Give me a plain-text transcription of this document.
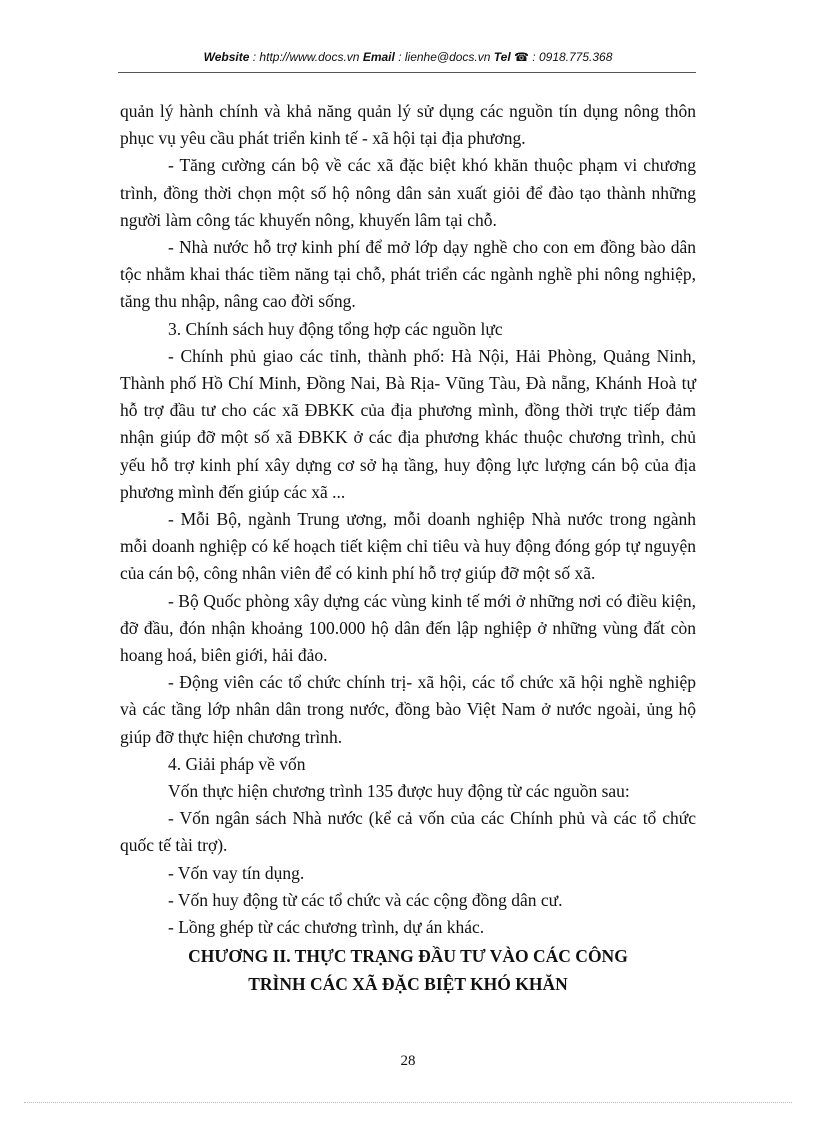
Website : http://www.docs.vn Email : lienhe@docs.vn Tel ☎ : 0918.775.368

quản lý hành chính và khả năng quản lý sử dụng các nguồn tín dụng nông thôn phục vụ yêu cầu phát triển kinh tế - xã hội tại địa phương.

- Tăng cường cán bộ về các xã đặc biệt khó khăn thuộc phạm vi chương trình, đồng thời chọn một số hộ nông dân sản xuất giỏi để đào tạo thành những người làm công tác khuyến nông, khuyến lâm tại chỗ.

- Nhà nước hỗ trợ kinh phí để mở lớp dạy nghề cho con em đồng bào dân tộc nhằm khai thác tiềm năng tại chỗ, phát triển các ngành nghề phi nông nghiệp, tăng thu nhập, nâng cao đời sống.

3. Chính sách huy động tổng hợp các nguồn lực

- Chính phủ giao các tỉnh, thành phố: Hà Nội, Hải Phòng, Quảng Ninh, Thành phố Hồ Chí Minh, Đồng Nai, Bà Rịa- Vũng Tàu, Đà nẵng, Khánh Hoà tự hỗ trợ đầu tư cho các xã ĐBKK của địa phương mình, đồng thời trực tiếp đảm nhận giúp đỡ một số xã ĐBKK ở các địa phương khác thuộc chương trình, chủ yếu hỗ trợ kinh phí xây dựng cơ sở hạ tầng, huy động lực lượng cán bộ của địa phương mình đến giúp các xã ...

- Mỗi Bộ, ngành Trung ương, mỗi doanh nghiệp Nhà nước trong ngành mỗi doanh nghiệp có kế hoạch tiết kiệm chỉ tiêu và huy động đóng góp tự nguyện của cán bộ, công nhân viên để có kinh phí hỗ trợ giúp đỡ một số xã.

- Bộ Quốc phòng xây dựng các vùng kinh tế mới ở những nơi có điều kiện, đỡ đầu, đón nhận khoảng 100.000 hộ dân đến lập nghiệp ở những vùng đất còn hoang hoá, biên giới, hải đảo.

- Động viên các tổ chức chính trị- xã hội, các tổ chức xã hội nghề nghiệp và các tầng lớp nhân dân trong nước, đồng bào Việt Nam ở nước ngoài, ủng hộ giúp đỡ thực hiện chương trình.

4. Giải pháp về vốn

Vốn thực hiện chương trình 135 được huy động từ các nguồn sau:

- Vốn ngân sách Nhà nước (kể cả vốn của các Chính phủ và các tổ chức quốc tế tài trợ).

- Vốn vay tín dụng.

- Vốn huy động từ các tổ chức và các cộng đồng dân cư.

- Lồng ghép từ các chương trình, dự án khác.

CHƯƠNG II. THỰC TRẠNG ĐẦU TƯ VÀO CÁC CÔNG

TRÌNH CÁC XÃ ĐẶC BIỆT KHÓ KHĂN

28
